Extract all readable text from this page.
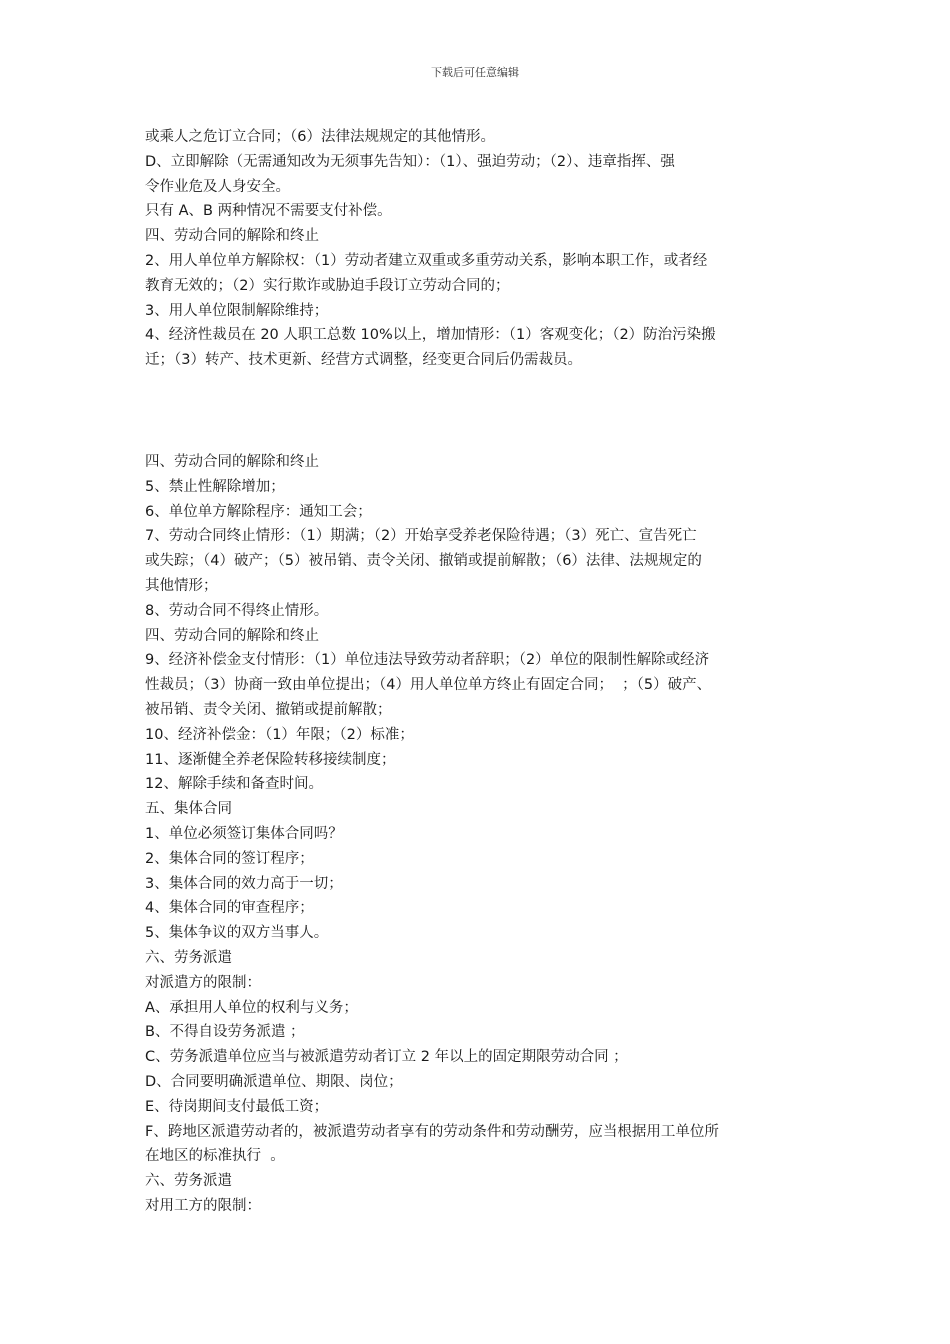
下载后可任意编辑
或乘人之危订立合同；（6）法律法规规定的其他情形。
D、立即解除（无需通知改为无须事先告知）：（1）、强迫劳动；（2）、违章指挥、强
令作业危及人身安全。
只有 A、B 两种情况不需要支付补偿。
四、劳动合同的解除和终止
2、用人单位单方解除权：（1）劳动者建立双重或多重劳动关系，影响本职工作，或者经
教育无效的；（2）实行欺诈或胁迫手段订立劳动合同的；
3、用人单位限制解除维持；
4、经济性裁员在 20 人职工总数 10%以上，增加情形：（1）客观变化；（2）防治污染搬
迁；（3）转产、技术更新、经营方式调整，经变更合同后仍需裁员。
四、劳动合同的解除和终止
5、禁止性解除增加；
6、单位单方解除程序：通知工会；
7、劳动合同终止情形：（1）期满；（2）开始享受养老保险待遇；（3）死亡、宣告死亡
或失踪；（4）破产；（5）被吊销、责令关闭、撤销或提前解散；（6）法律、法规规定的
其他情形；
8、劳动合同不得终止情形。
四、劳动合同的解除和终止
9、经济补偿金支付情形：（1）单位违法导致劳动者辞职；（2）单位的限制性解除或经济
性裁员；（3）协商一致由单位提出；（4）用人单位单方终止有固定合同；  ；（5）破产、
被吊销、责令关闭、撤销或提前解散；
10、经济补偿金：（1）年限；（2）标准；
11、逐渐健全养老保险转移接续制度；
12、解除手续和备查时间。
五、集体合同
1、单位必须签订集体合同吗？
2、集体合同的签订程序；
3、集体合同的效力高于一切；
4、集体合同的审查程序；
5、集体争议的双方当事人。
六、劳务派遣
对派遣方的限制：
A、承担用人单位的权利与义务；
B、不得自设劳务派遣 ；
C、劳务派遣单位应当与被派遣劳动者订立 2 年以上的固定期限劳动合同 ；
D、合同要明确派遣单位、期限、岗位；
E、待岗期间支付最低工资；
F、跨地区派遣劳动者的，被派遣劳动者享有的劳动条件和劳动酬劳，应当根据用工单位所
在地区的标准执行  。
六、劳务派遣
对用工方的限制：
